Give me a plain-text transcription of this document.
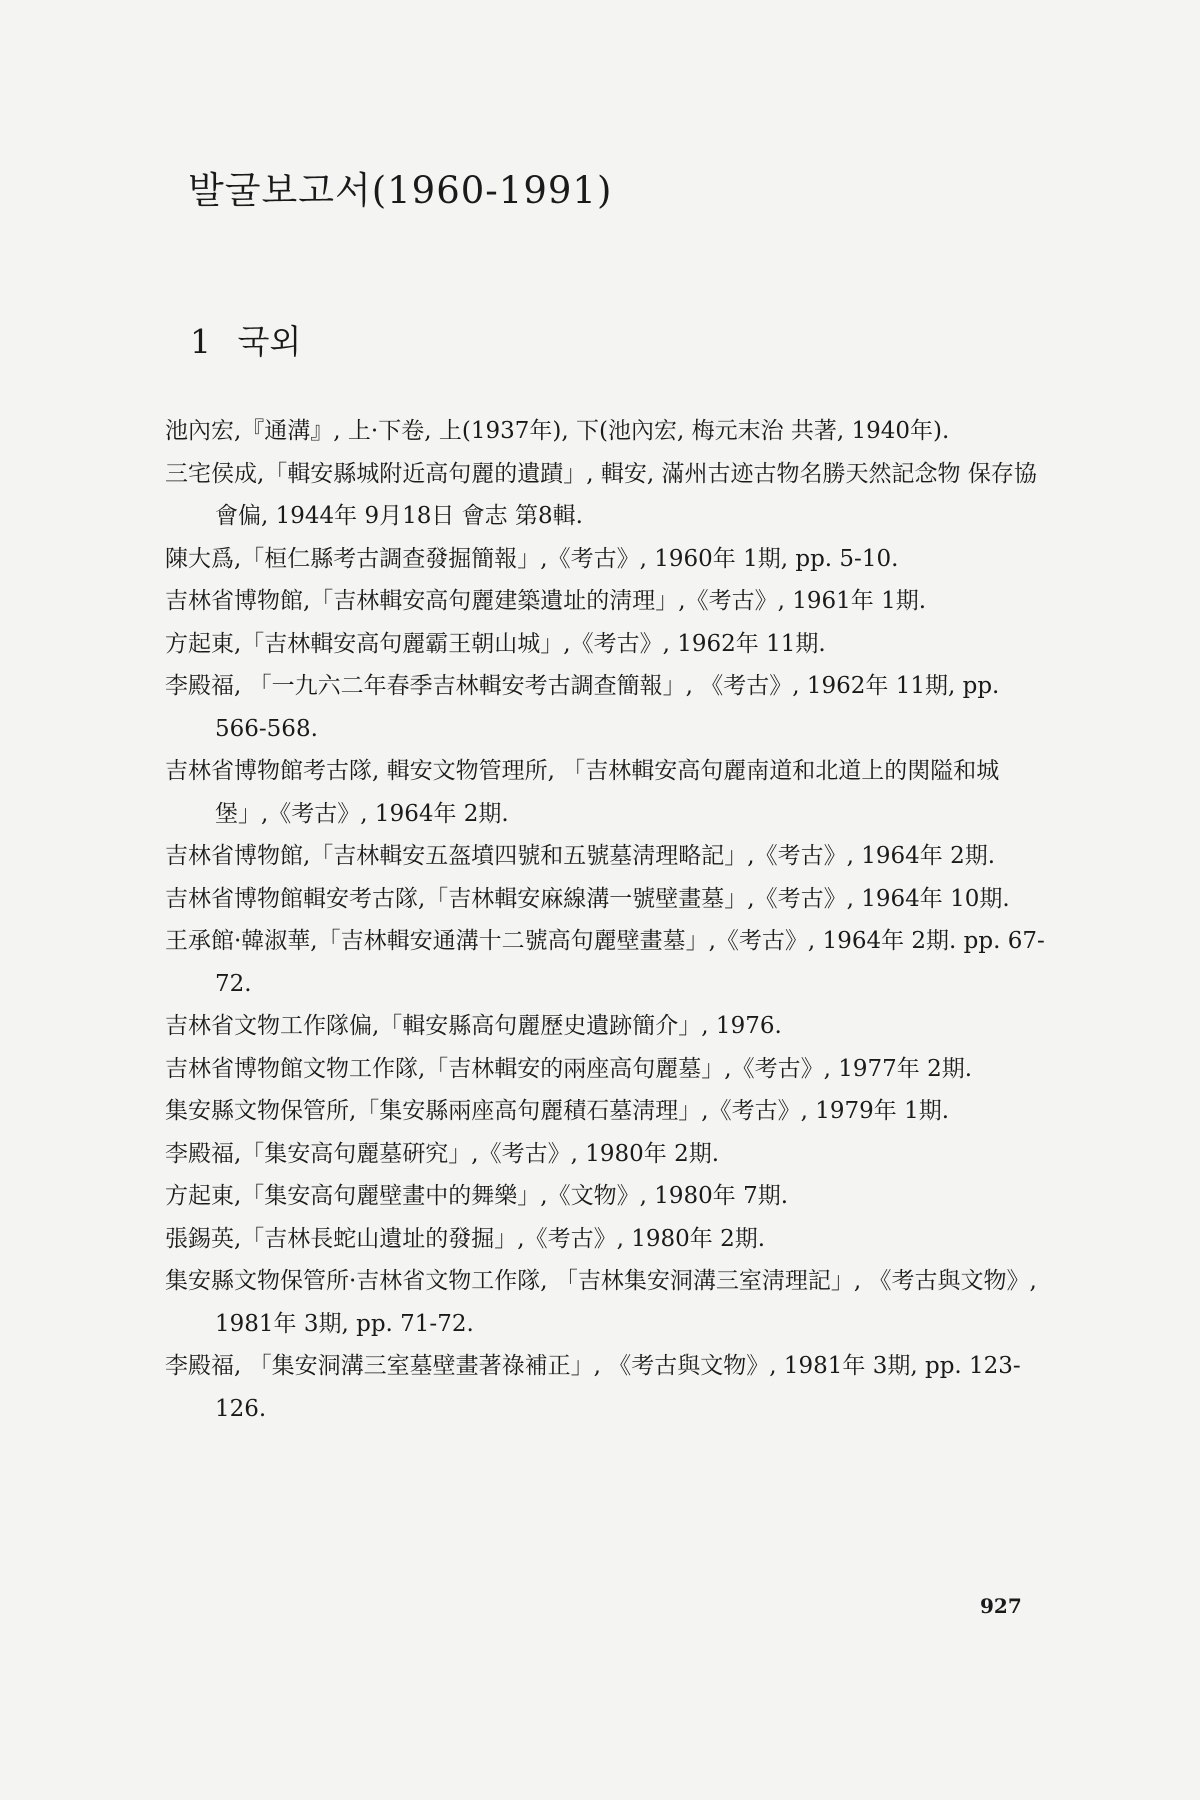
발굴보고서(1960-1991)
1 국외
池內宏,『通溝』, 上·下卷, 上(1937年), 下(池內宏, 梅元末治 共著, 1940年).
三宅侯成,「輯安縣城附近高句麗的遺蹟」, 輯安, 滿州古迹古物名勝天然記念物 保存協會偏, 1944年 9月18日 會志 第8輯.
陳大爲,「桓仁縣考古調查發掘簡報」,《考古》, 1960年 1期, pp. 5-10.
吉林省博物館,「吉林輯安高句麗建築遺址的淸理」,《考古》, 1961年 1期.
方起東,「吉林輯安高句麗霸王朝山城」,《考古》, 1962年 11期.
李殿福, 「一九六二年春季吉林輯安考古調查簡報」, 《考古》, 1962年 11期, pp. 566-568.
吉林省博物館考古隊, 輯安文物管理所, 「吉林輯安高句麗南道和北道上的関隘和城堡」,《考古》, 1964年 2期.
吉林省博物館,「吉林輯安五盔墳四號和五號墓淸理略記」,《考古》, 1964年 2期.
吉林省博物館輯安考古隊,「吉林輯安麻線溝一號壁畫墓」,《考古》, 1964年 10期.
王承館·韓淑華,「吉林輯安通溝十二號高句麗壁畫墓」,《考古》, 1964年 2期. pp. 67-72.
吉林省文物工作隊偏,「輯安縣高句麗歷史遺跡簡介」, 1976.
吉林省博物館文物工作隊,「吉林輯安的兩座高句麗墓」,《考古》, 1977年 2期.
集安縣文物保管所,「集安縣兩座高句麗積石墓淸理」,《考古》, 1979年 1期.
李殿福,「集安高句麗墓硏究」,《考古》, 1980年 2期.
方起東,「集安高句麗壁畫中的舞樂」,《文物》, 1980年 7期.
張錫英,「吉林長蛇山遺址的發掘」,《考古》, 1980年 2期.
集安縣文物保管所·吉林省文物工作隊, 「吉林集安洞溝三室淸理記」, 《考古與文物》, 1981年 3期, pp. 71-72.
李殿福, 「集安洞溝三室墓壁畫著祿補正」, 《考古與文物》, 1981年 3期, pp. 123-126.
927
